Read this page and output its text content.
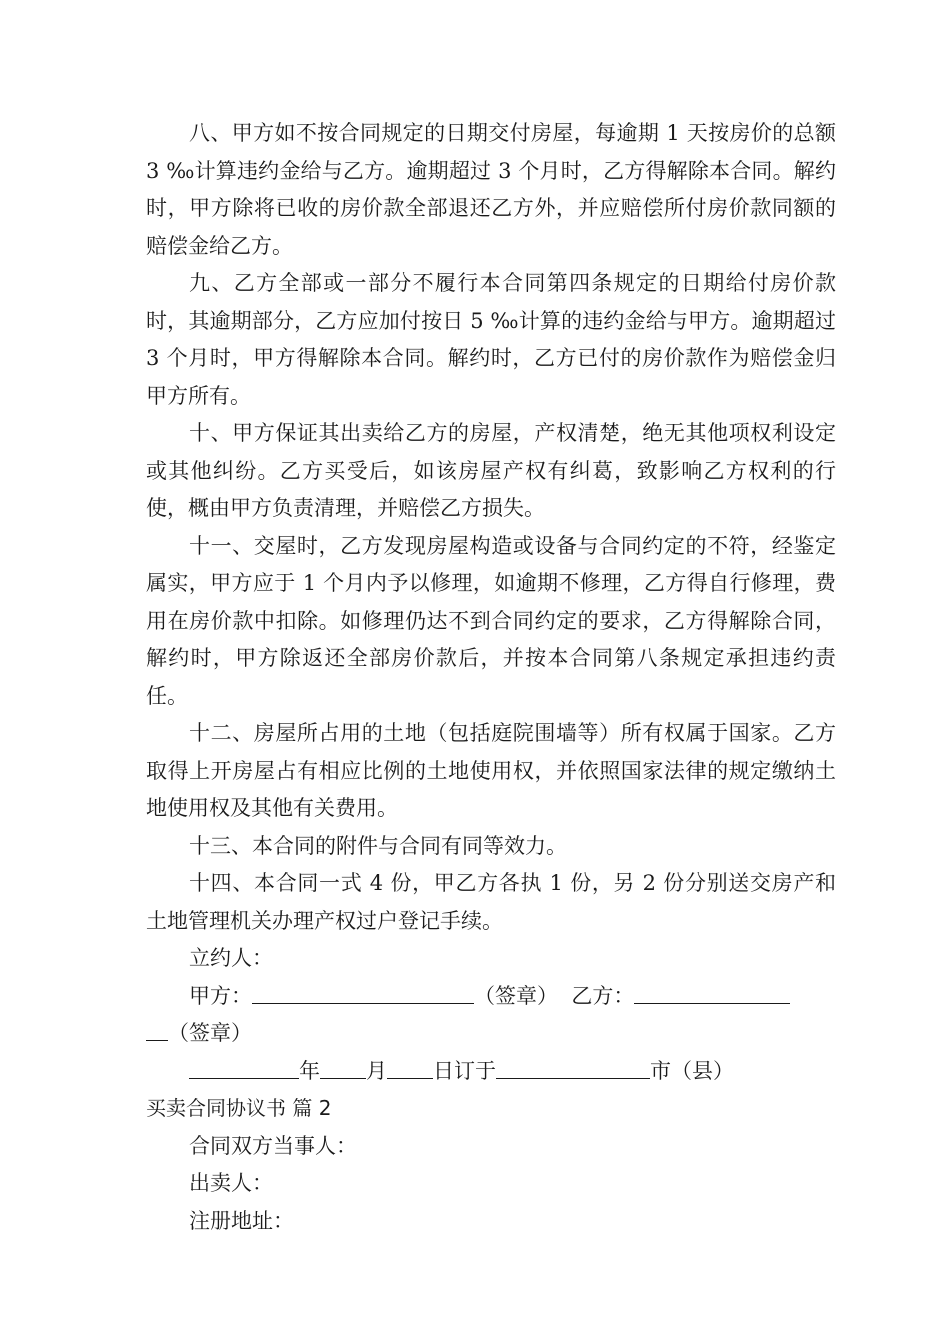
八、甲方如不按合同规定的日期交付房屋，每逾期 1 天按房价的总额 3 ‰计算违约金给与乙方。逾期超过 3 个月时，乙方得解除本合同。解约时，甲方除将已收的房价款全部退还乙方外，并应赔偿所付房价款同额的赔偿金给乙方。

九、乙方全部或一部分不履行本合同第四条规定的日期给付房价款时，其逾期部分，乙方应加付按日 5 ‰计算的违约金给与甲方。逾期超过 3 个月时，甲方得解除本合同。解约时，乙方已付的房价款作为赔偿金归甲方所有。

十、甲方保证其出卖给乙方的房屋，产权清楚，绝无其他项权利设定或其他纠纷。乙方买受后，如该房屋产权有纠葛，致影响乙方权利的行使，概由甲方负责清理，并赔偿乙方损失。

十一、交屋时，乙方发现房屋构造或设备与合同约定的不符，经鉴定属实，甲方应于 1 个月内予以修理，如逾期不修理，乙方得自行修理，费用在房价款中扣除。如修理仍达不到合同约定的要求，乙方得解除合同，解约时，甲方除返还全部房价款后，并按本合同第八条规定承担违约责任。

十二、房屋所占用的土地（包括庭院围墙等）所有权属于国家。乙方取得上开房屋占有相应比例的土地使用权，并依照国家法律的规定缴纳土地使用权及其他有关费用。

十三、本合同的附件与合同有同等效力。

十四、本合同一式 4 份，甲乙方各执 1 份，另 2 份分别送交房产和土地管理机关办理产权过户登记手续。

立约人：

甲方：	（签章） 乙方：

（签章）

年 月 日订于	市（县）

买卖合同协议书 篇 2

合同双方当事人：

出卖人：

注册地址：
